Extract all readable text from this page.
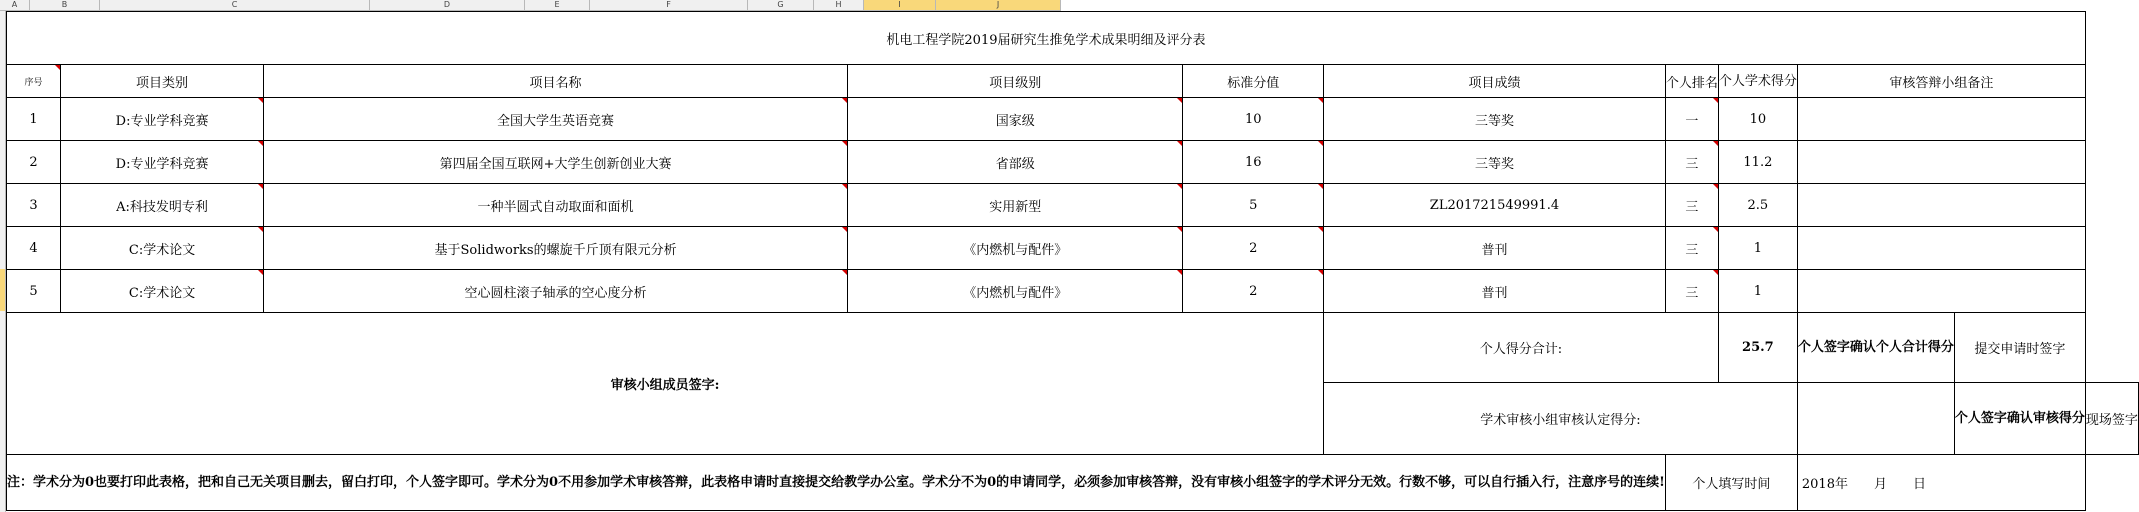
A	B	C	D	E	F	G	H	I	J
机电工程学院2019届研究生推免学术成果明细及评分表										
序号	项目类别	项目名称	项目级别	标准分值	项目成绩	个人排名	个人学术得分	审核答辩小组备注		
1	D:专业学科竞赛	全国大学生英语竞赛	国家级	10	三等奖	一	10			
2	D:专业学科竞赛	第四届全国互联网+大学生创新创业大赛	省部级	16	三等奖	三	11.2			
3	A:科技发明专利	一种半圆式自动取面和面机	实用新型	5	ZL201721549991.4	三	2.5			
4	C:学术论文	基于Solidworks的螺旋千斤顶有限元分析	《内燃机与配件》	2	普刊	三	1			
5	C:学术论文	空心圆柱滚子轴承的空心度分析	《内燃机与配件》	2	普刊	三	1			
审核小组成员签字:					个人得分合计:		25.7	个人签字确认个人合计得分	提交申请时签字	
					学术审核小组审核认定得分:				个人签字确认审核得分	现场签字
注：学术分为0也要打印此表格，把和自己无关项目删去，留白打印，个人签字即可。学术分为0不用参加学术审核答辩，此表格申请时直接提交给教学办公室。学术分不为0的申请同学，必须参加审核答辩，没有审核小组签字的学术评分无效。行数不够，可以自行插入行，注意序号的连续!						个人填写时间		2018年　　月　　日		
